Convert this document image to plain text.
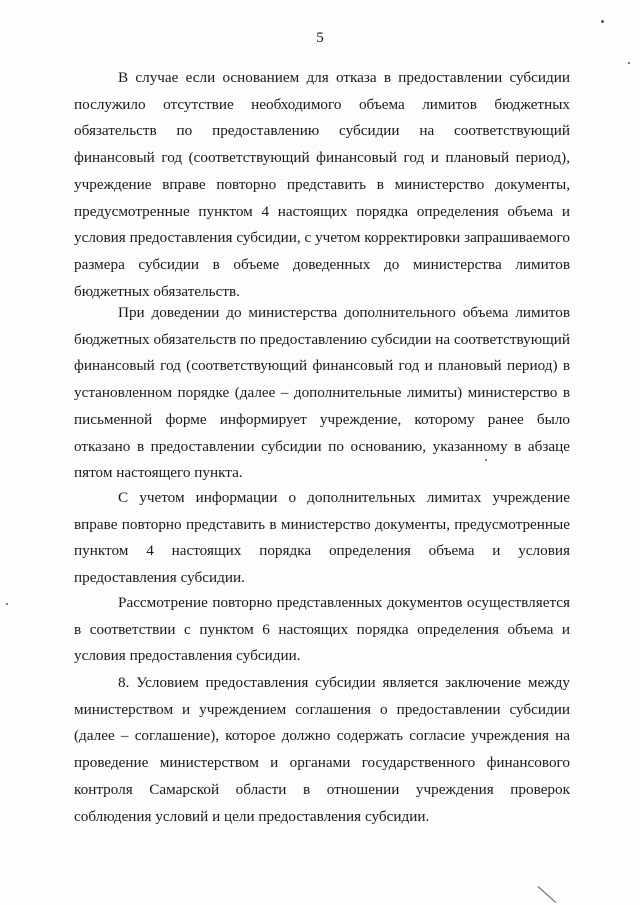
5

В случае если основанием для отказа в предоставлении субсидии послужило отсутствие необходимого объема лимитов бюджетных обязательств по предоставлению субсидии на соответствующий финансовый год (соответствующий финансовый год и плановый период), учреждение вправе повторно представить в министерство документы, предусмотренные пунктом 4 настоящих порядка определения объема и условия предоставления субсидии, с учетом корректировки запрашиваемого размера субсидии в объеме доведенных до министерства лимитов бюджетных обязательств.

При доведении до министерства дополнительного объема лимитов бюджетных обязательств по предоставлению субсидии на соответствующий финансовый год (соответствующий финансовый год и плановый период) в установленном порядке (далее – дополнительные лимиты) министерство в письменной форме информирует учреждение, которому ранее было отказано в предоставлении субсидии по основанию, указанному в абзаце пятом настоящего пункта.

С учетом информации о дополнительных лимитах учреждение вправе повторно представить в министерство документы, предусмотренные пунктом 4 настоящих порядка определения объема и условия предоставления субсидии.

Рассмотрение повторно представленных документов осуществляется в соответствии с пунктом 6 настоящих порядка определения объема и условия предоставления субсидии.

8. Условием предоставления субсидии является заключение между министерством и учреждением соглашения о предоставлении субсидии (далее – соглашение), которое должно содержать согласие учреждения на проведение министерством и органами государственного финансового контроля Самарской области в отношении учреждения проверок соблюдения условий и цели предоставления субсидии.
